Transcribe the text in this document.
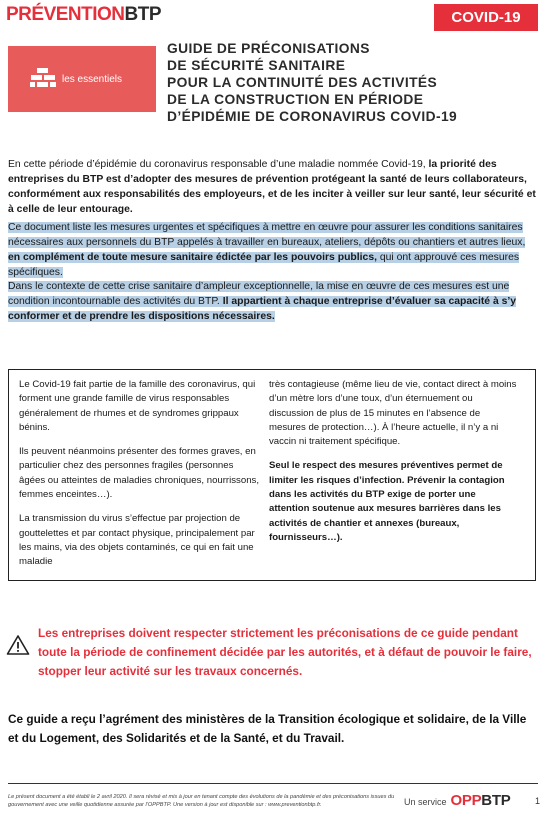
PRÉVENTIONBTP	COVID-19
les essentiels
GUIDE DE PRÉCONISATIONS
DE SÉCURITÉ SANITAIRE
POUR LA CONTINUITÉ DES ACTIVITÉS
DE LA CONSTRUCTION EN PÉRIODE
D’ÉPIDÉMIE DE CORONAVIRUS COVID-19

En cette période d’épidémie du coronavirus responsable d’une maladie nommée Covid-19, la priorité des entreprises du BTP est d’adopter des mesures de prévention protégeant la santé de leurs collaborateurs, conformément aux responsabilités des employeurs, et de les inciter à veiller sur leur santé, leur sécurité et à celle de leur entourage.

Ce document liste les mesures urgentes et spécifiques à mettre en œuvre pour assurer les conditions sanitaires nécessaires aux personnels du BTP appelés à travailler en bureaux, ateliers, dépôts ou chantiers et autres lieux, en complément de toute mesure sanitaire édictée par les pouvoirs publics, qui ont approuvé ces mesures spécifiques.

Dans le contexte de cette crise sanitaire d’ampleur exceptionnelle, la mise en œuvre de ces mesures est une condition incontournable des activités du BTP. Il appartient à chaque entreprise d’évaluer sa capacité à s’y conformer et de prendre les dispositions nécessaires.

Le Covid-19 fait partie de la famille des coronavirus, qui forment une grande famille de virus responsables généralement de rhumes et de syndromes grippaux bénins.

Ils peuvent néanmoins présenter des formes graves, en particulier chez des personnes fragiles (personnes âgées ou atteintes de maladies chroniques, nourrissons, femmes enceintes…).

La transmission du virus s’effectue par projection de gouttelettes et par contact physique, principalement par les mains, via des objets contaminés, ce qui en fait une maladie

très contagieuse (même lieu de vie, contact direct à moins d’un mètre lors d’une toux, d’un éternuement ou discussion de plus de 15 minutes en l’absence de mesures de protection…). À l’heure actuelle, il n’y a ni vaccin ni traitement spécifique.

Seul le respect des mesures préventives permet de limiter les risques d’infection. Prévenir la contagion dans les activités du BTP exige de porter une attention soutenue aux mesures barrières dans les activités de chantier et annexes (bureaux, fournisseurs…).

Les entreprises doivent respecter strictement les préconisations de ce guide pendant toute la période de confinement décidée par les autorités, et à défaut de pouvoir le faire, stopper leur activité sur les travaux concernés.

Ce guide a reçu l’agrément des ministères de la Transition écologique et solidaire, de la Ville et du Logement, des Solidarités et de la Santé, et du Travail.

Le présent document a été établi le 2 avril 2020. Il sera révisé et mis à jour en tenant compte des évolutions de la pandémie et des préconisations issues du gouvernement avec une veille quotidienne assurée par l’OPPBTP. Une version à jour est disponible sur : www.preventionbtp.fr.	Un service OPPBTP	1
